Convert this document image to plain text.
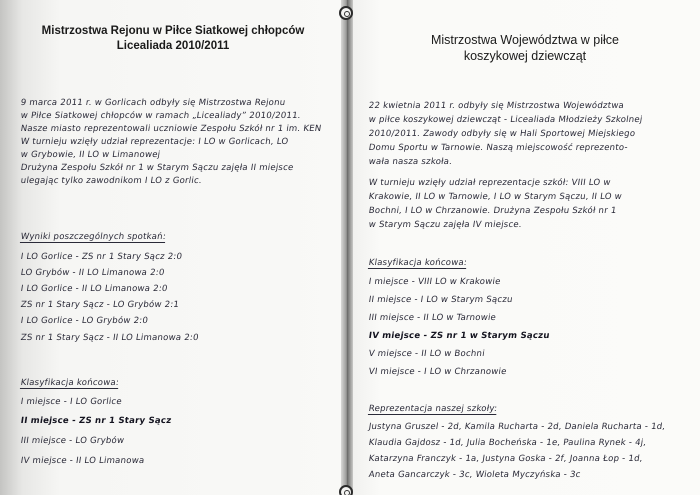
Mistrzostwa Rejonu w Piłce Siatkowej chłopców
Licealiada 2010/2011
9 marca 2011 r. w Gorlicach odbyły się Mistrzostwa Rejonu
w Piłce Siatkowej chłopców w ramach „Licealiady” 2010/2011.
Nasze miasto reprezentowali uczniowie Zespołu Szkół nr 1 im. KEN
W turnieju wzięły udział reprezentacje: I LO w Gorlicach, LO
w Grybowie, II LO w Limanowej
Drużyna Zespołu Szkół nr 1 w Starym Sączu zajęła II miejsce
ulegając tylko zawodnikom I LO z Gorlic.
Wyniki poszczególnych spotkań:
I LO Gorlice - ZS nr 1 Stary Sącz 2:0
LO Grybów - II LO Limanowa 2:0
I LO Gorlice - II LO Limanowa 2:0
ZS nr 1 Stary Sącz - LO Grybów 2:1
I LO Gorlice - LO Grybów 2:0
ZS nr 1 Stary Sącz - II LO Limanowa 2:0
Klasyfikacja końcowa:
I miejsce - I LO Gorlice
II miejsce - ZS nr 1 Stary Sącz
III miejsce - LO Grybów
IV miejsce - II LO Limanowa
Mistrzostwa Województwa w piłce
koszykowej dziewcząt
22 kwietnia 2011 r. odbyły się Mistrzostwa Województwa
w piłce koszykowej dziewcząt - Licealiada Młodzieży Szkolnej
2010/2011. Zawody odbyły się w Hali Sportowej Miejskiego
Domu Sportu w Tarnowie. Naszą miejscowość reprezento-
wała nasza szkoła.
W turnieju wzięły udział reprezentacje szkół: VIII LO w
Krakowie, II LO w Tarnowie, I LO w Starym Sączu, II LO w
Bochni, I LO w Chrzanowie. Drużyna Zespołu Szkół nr 1
w Starym Sączu zajęła IV miejsce.
Klasyfikacja końcowa:
I miejsce - VIII LO w Krakowie
II miejsce - I LO w Starym Sączu
III miejsce - II LO w Tarnowie
IV miejsce - ZS nr 1 w Starym Sączu
V miejsce - II LO w Bochni
VI miejsce - I LO w Chrzanowie
Reprezentacja naszej szkoły:
Justyna Gruszel - 2d, Kamila Rucharta - 2d, Daniela Rucharta - 1d,
Klaudia Gajdosz - 1d, Julia Bocheńska - 1e, Paulina Rynek - 4j,
Katarzyna Franczyk - 1a, Justyna Goska - 2f, Joanna Łop - 1d,
Aneta Gancarczyk - 3c, Wioleta Myczyńska - 3c
